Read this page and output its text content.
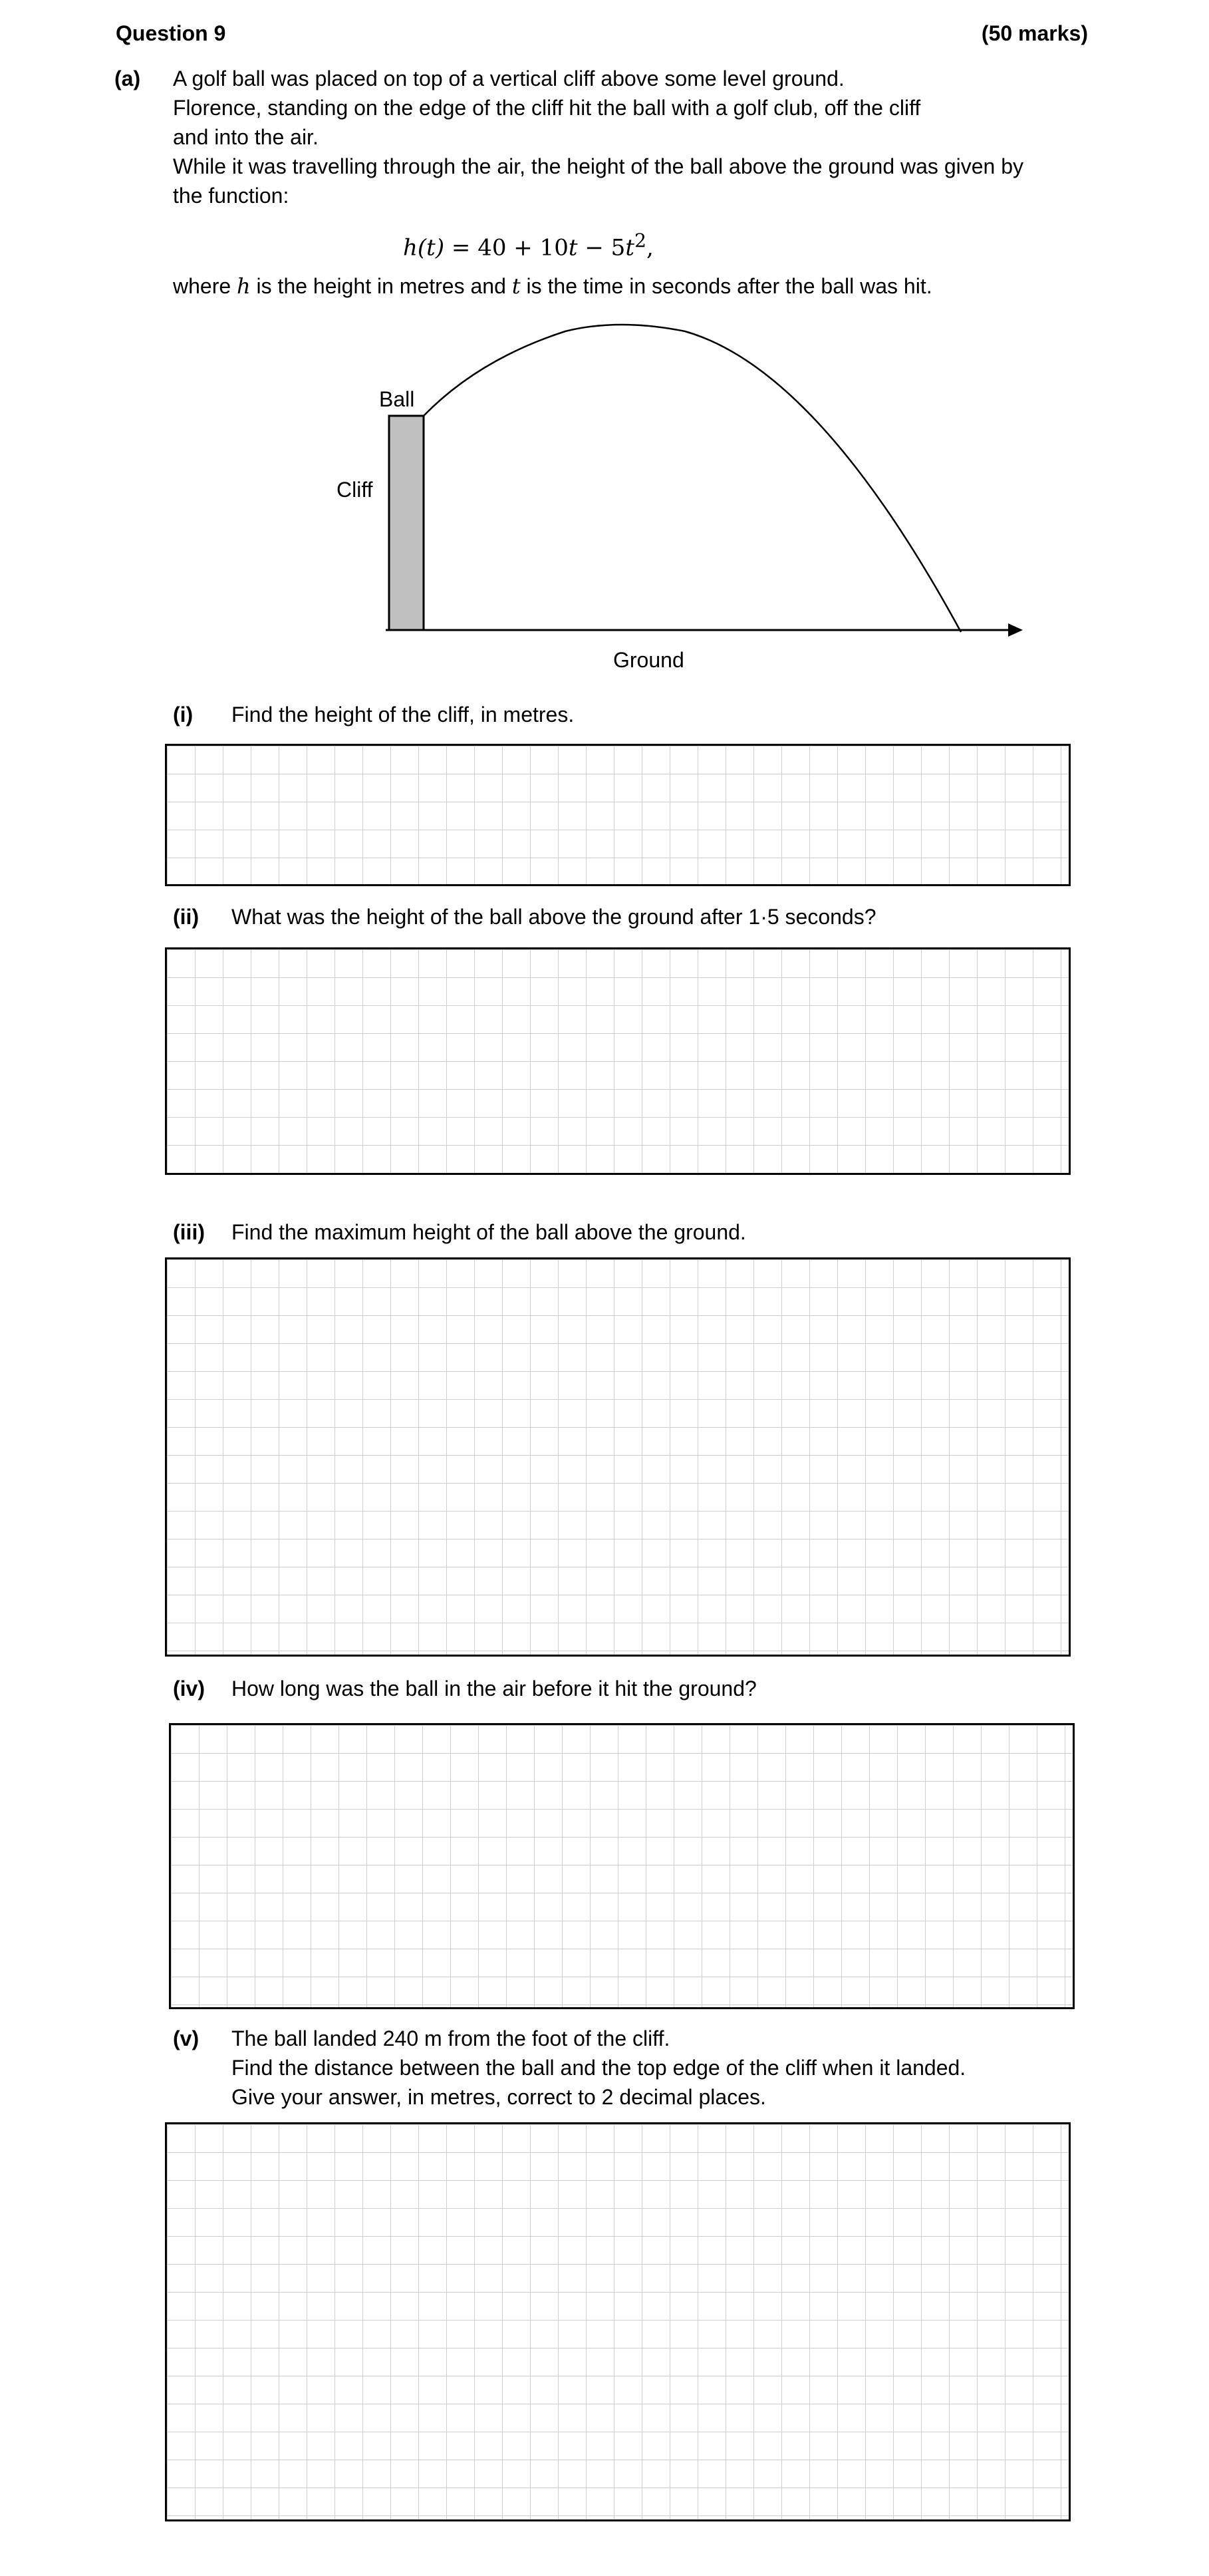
Question 9	(50 marks)
(a) A golf ball was placed on top of a vertical cliff above some level ground.

Florence, standing on the edge of the cliff hit the ball with a golf club, off the cliff

and into the air.

While it was travelling through the air, the height of the ball above the ground was given by

the function:

$h(t) = 40 + 10t - 5t^2$,
where h is the height in metres and t is the time in seconds after the ball was hit.
Ball
Cliff
Ground
(i) Find the height of the cliff, in metres.
(ii) What was the height of the ball above the ground after 1·5 seconds?
(iii) Find the maximum height of the ball above the ground.
(iv) How long was the ball in the air before it hit the ground?
(v) The ball landed 240 m from the foot of the cliff.
Find the distance between the ball and the top edge of the cliff when it landed.
Give your answer, in metres, correct to 2 decimal places.
